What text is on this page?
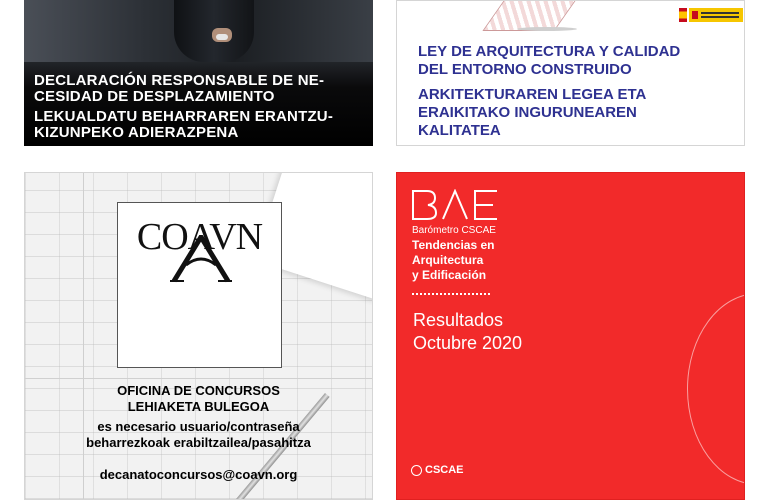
DECLARACIÓN RESPONSABLE DE NE-
CESIDAD DE DESPLAZAMIENTO
LEKUALDATU BEHARRAREN ERANTZU-
KIZUNPEKO ADIERAZPENA
LEY DE ARQUITECTURA Y CALIDAD
DEL ENTORNO CONSTRUIDO
ARKITEKTURAREN LEGEA ETA
ERAIKITAKO INGURUNEAREN
KALITATEA
COAVN
OFICINA DE CONCURSOS
LEHIAKETA BULEGOA
es necesario usuario/contraseña
beharrezkoak erabiltzailea/pasahitza
decanatoconcursos@coavn.org
BAE
Barómetro CSCAE
Tendencias en
Arquitectura
y Edificación
Resultados
Octubre 2020
CSCAE
